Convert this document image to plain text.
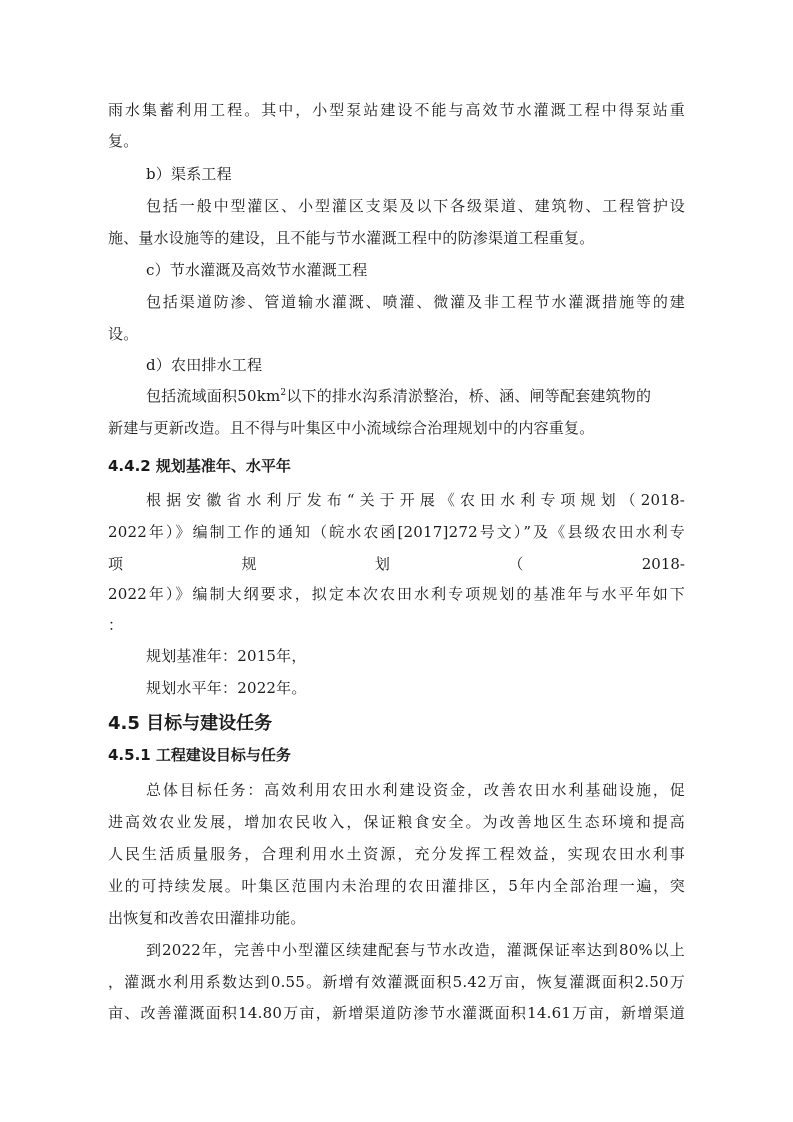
雨水集蓄利用工程。其中，小型泵站建设不能与高效节水灌溉工程中得泵站重
复。
b）渠系工程
包括一般中型灌区、小型灌区支渠及以下各级渠道、建筑物、工程管护设
施、量水设施等的建设，且不能与节水灌溉工程中的防渗渠道工程重复。
c）节水灌溉及高效节水灌溉工程
包括渠道防渗、管道输水灌溉、喷灌、微灌及非工程节水灌溉措施等的建
设。
d）农田排水工程
包括流域面积$50km^2$以下的排水沟系清淤整治，桥、涵、闸等配套建筑物的
新建与更新改造。且不得与叶集区中小流域综合治理规划中的内容重复。
4.4.2 规划基准年、水平年
根据安徽省水利厅发布“关于开展《农田水利专项规划（2018-
2022年）》编制工作的通知（皖水农函[2017]272号文）”及《县级农田水利专
项	规	划	（	2018-
2022年）》编制大纲要求，拟定本次农田水利专项规划的基准年与水平年如下
：
规划基准年：2015年，
规划水平年：2022年。
4.5 目标与建设任务
4.5.1 工程建设目标与任务
总体目标任务：高效利用农田水利建设资金，改善农田水利基础设施，促
进高效农业发展，增加农民收入，保证粮食安全。为改善地区生态环境和提高
人民生活质量服务，合理利用水土资源，充分发挥工程效益，实现农田水利事
业的可持续发展。叶集区范围内未治理的农田灌排区，5年内全部治理一遍，突
出恢复和改善农田灌排功能。
到2022年，完善中小型灌区续建配套与节水改造，灌溉保证率达到80%以上
，灌溉水利用系数达到0.55。新增有效灌溉面积5.42万亩，恢复灌溉面积2.50万
亩、改善灌溉面积14.80万亩，新增渠道防渗节水灌溉面积14.61万亩，新增渠道
